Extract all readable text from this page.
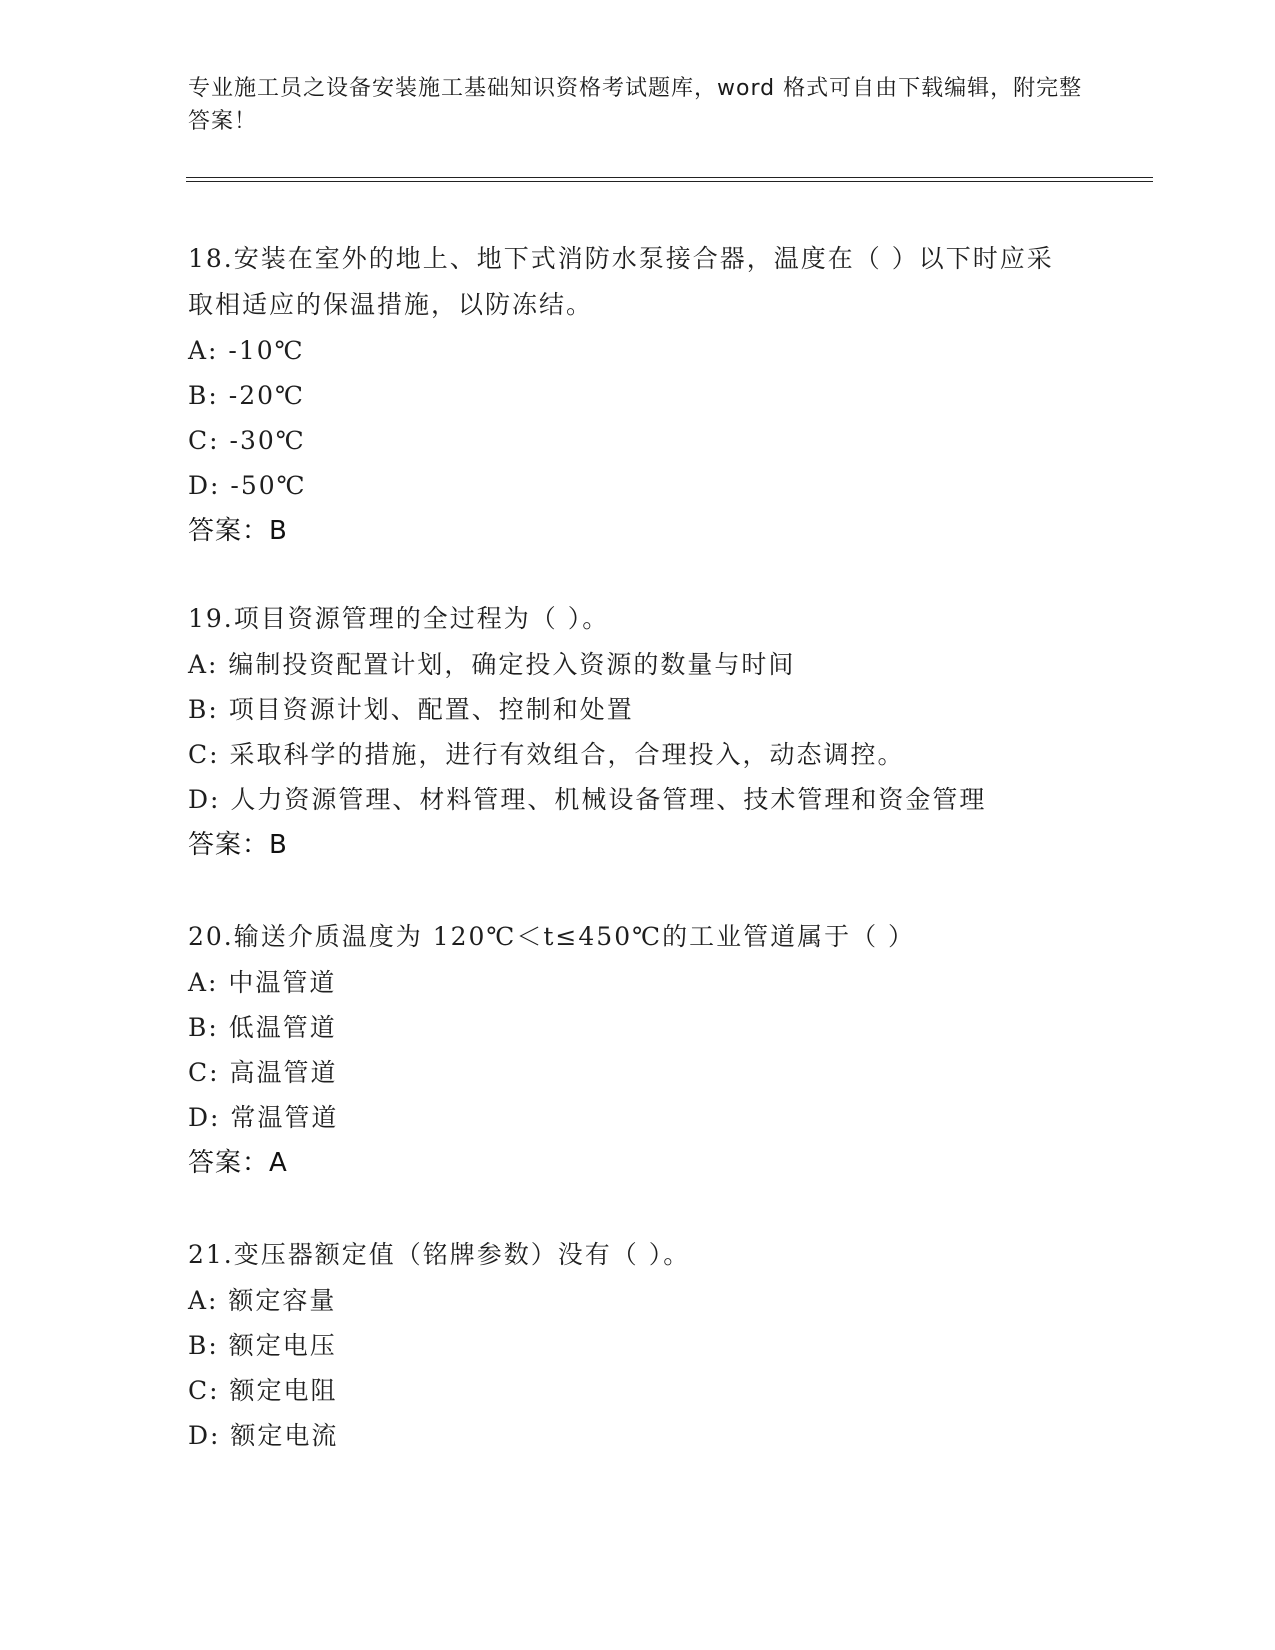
专业施工员之设备安装施工基础知识资格考试题库，word 格式可自由下载编辑，附完整答案！

18.安装在室外的地上、地下式消防水泵接合器，温度在（ ）以下时应采取相适应的保温措施，以防冻结。

A: -10℃

B: -20℃

C: -30℃

D: -50℃

答案：B

19.项目资源管理的全过程为（ ）。

A: 编制投资配置计划，确定投入资源的数量与时间

B: 项目资源计划、配置、控制和处置

C: 采取科学的措施，进行有效组合，合理投入，动态调控。

D: 人力资源管理、材料管理、机械设备管理、技术管理和资金管理

答案：B

20.输送介质温度为 120℃＜t≤450℃的工业管道属于（ ）

A: 中温管道

B: 低温管道

C: 高温管道

D: 常温管道

答案：A

21.变压器额定值（铭牌参数）没有（ ）。

A: 额定容量

B: 额定电压

C: 额定电阻

D: 额定电流
